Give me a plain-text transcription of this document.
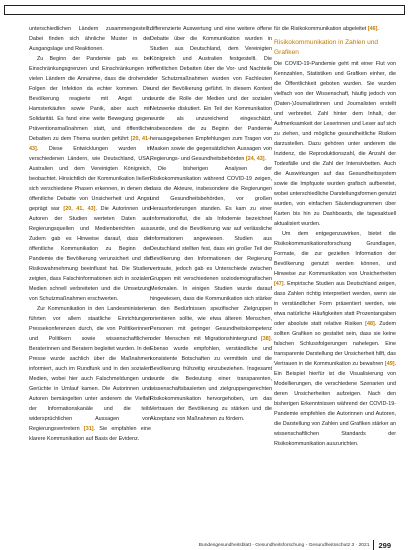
unterschiedlichen Ländern zusammengestellt. Dabei finden sich ähnliche Muster in der Ausgangslage und Reaktionen.

Zu Beginn der Pandemie gab es bei Einschränkungsgrenzen und Einschränkungen in vielen Ländern die Annahme, dass die drohende Folgen der Infektion da echter kommen. Die Bevölkerung reagierte mit Angst und Hamsterkäufen sowie Panik, aber auch mit Solidarität. Es fand eine weite Bewegung gegen Präventionsmaßnahmen statt, und öffentliche Debatten zu dem Thema wurden geführt [20, 41–43]. Diese Entwicklungen wurden in verschiedenen Ländern, wie Deutschland, USA, Australien und dem Vereinigten Königreich, beobachtet. Hinsichtlich der Kommunikation ließen sich verschiedene Phasen erkennen, in denen die öffentliche Debatte von Unsicherheit und Angst geprägt war [20, 41, 43]. Die Autorinnen und Autoren der Studien werteten Daten aus Regierungsquellen und Medienberichten aus. Zudem gab es Hinweise darauf, dass die öffentliche Kommunikation zu Beginn der Pandemie die Bevölkerung verunsichert und die Risikowahrnehmung beeinflusst hat. Die Studien zeigten, dass Falschinformationen sich in sozialen Medien schnell verbreiteten und die Umsetzung von Schutzmaßnahmen erschwerten.

Zur Kommunikation in den Landesministerien führten vor allem staatliche Einrichtungen Pressekonferenzen durch, die von Politikerinnen und Politikern sowie wissenschaftlichen Beraterinnen und Beratern begleitet wurden. In der Presse wurde sachlich über die Maßnahmen informiert, auch im Rundfunk und in den sozialen Medien, wobei hier auch Falschmeldungen und Gerüchte in Umlauf kamen. Die Autorinnen und Autoren bemängelten unter anderem die Vielfalt der Informationskanäle und die teils widersprüchlichen Aussagen von Regierungsvertretern [31]. Sie empfahlen eine klarere Kommunikation auf Basis der Evidenz.

differenzierte Auswertung und eine weitere offene Debatte über die Kommunikation wurden in Studien aus Deutschland, dem Vereinigten Königreich und Australien festgestellt. Die öffentlichen Debatten über die Vor- und Nachteile der Schutzmaßnahmen wurden von Fachleuten und der Bevölkerung geführt. In diesem Kontext wurde die Rolle der Medien und der sozialen Netzwerke diskutiert. Ein Teil der Kommunikation wurde als unzureichend eingeschätzt, insbesondere die zu Beginn der Pandemie herausgegebenen Empfehlungen zum Tragen von Masken sowie die gegensätzlichen Aussagen von Regierungs- und Gesundheitsbehörden [24, 43].

Die bisherigen Analysen der Risikokommunikation während COVID-19 zeigen, dass die Akteure, insbesondere die Regierungen und Gesundheitsbehörden, vor großen Herausforderungen standen. Es kam zu einer Informationsflut, die als Infodemie bezeichnet wurde, und die Bevölkerung war auf verlässliche Informationen angewiesen. Studien aus Deutschland stellten fest, dass ein großer Teil der Bevölkerung den Informationen der Regierung vertraute, jedoch gab es Unterschiede zwischen Gruppen mit verschiedenen soziodemografischen Merkmalen. In einigen Studien wurde darauf hingewiesen, dass die Kommunikation sich stärker an den Bedürfnissen spezifischer Zielgruppen orientieren sollte, wie etwa älteren Menschen, Personen mit geringer Gesundheitskompetenz oder Menschen mit Migrationshintergrund [38]. Ebenso wurde empfohlen, verständliche und konsistente Botschaften zu vermitteln und die Bevölkerung frühzeitig einzubeziehen. Insgesamt wurde die Bedeutung einer transparenten, wissenschaftsbasierten und zielgruppengerechten Risikokommunikation hervorgehoben, um das Vertrauen der Bevölkerung zu stärken und die Akzeptanz von Maßnahmen zu fördern.

für die Risikokommunikation abgeleitet [46].

Risikokommunikation in Zahlen und Grafiken

Die COVID-19-Pandemie geht mit einer Flut von Kennzahlen, Statistiken und Grafiken einher, die die Öffentlichkeit geboten wurden. Sie wurden vielfach von der Wissenschaft, häufig jedoch von (Daten-)Journalistinnen und Journalisten erstellt und verbreitet. Zahl hinter dem Inhalt, der Aufmerksamkeit der Leserinnen und Leser auf sich zu ziehen, und mögliche gesundheitliche Risiken darzustellen. Dazu gehören unter anderem die Inzidenz, die Reproduktionszahl, die Anzahl der Todesfälle und die Zahl der Intensivbetten. Auch die Auswirkungen auf das Gesundheitssystem sowie die Impfquote wurden grafisch aufbereitet, wobei unterschiedliche Darstellungsformen genutzt wurden, von einfachen Säulendiagrammen über Karten bis hin zu Dashboards, die tagesaktuell aktualisiert wurden.

Um dem entgegenzuwirken, bietet die Risikokommunikationsforschung Grundlagen, Formate, die zur gezielten Information der Bevölkerung genutzt werden können, und Hinweise zur Kommunikation von Unsicherheiten [47]. Empirische Studien aus Deutschland zeigen, dass Zahlen richtig interpretiert werden, wenn sie in verständlicher Form präsentiert werden, wie etwa natürliche Häufigkeiten statt Prozentangaben oder absolute statt relative Risiken [48]. Zudem sollten Grafiken so gestaltet sein, dass sie keine falschen Schlussfolgerungen nahelegen. Eine transparente Darstellung der Unsicherheit hilft, das Vertrauen in die Kommunikation zu bewahren [49]. Ein Beispiel hierfür ist die Visualisierung von Modellierungen, die verschiedene Szenarien und deren Unsicherheiten aufzeigen. Nach den bisherigen Erkenntnissen während der COVID-19-Pandemie empfehlen die Autorinnen und Autoren, die Darstellung von Zahlen und Grafiken stärker an wissenschaftlichen Standards der Risikokommunikation auszurichten.

Bundesgesundheitsblatt - Gesundheitsforschung - Gesundheitsschutz 3 · 2021 299
